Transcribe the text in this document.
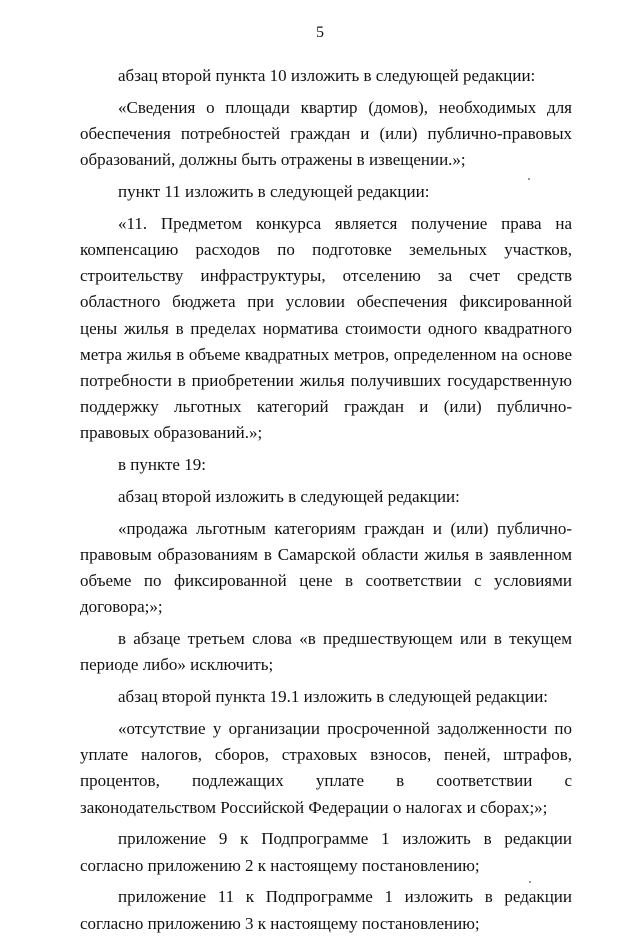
5

абзац второй пункта 10 изложить в следующей редакции:

«Сведения о площади квартир (домов), необходимых для обеспечения потребностей граждан и (или) публично-правовых образований, должны быть отражены в извещении.»;

пункт 11 изложить в следующей редакции:

«11. Предметом конкурса является получение права на компенсацию расходов по подготовке земельных участков, строительству инфраструктуры, отселению за счет средств областного бюджета при условии обеспечения фиксированной цены жилья в пределах норматива стоимости одного квадратного метра жилья в объеме квадратных метров, определенном на основе потребности в приобретении жилья получивших государственную поддержку льготных категорий граждан и (или) публично-правовых образований.»;

в пункте 19:

абзац второй изложить в следующей редакции:

«продажа льготным категориям граждан и (или) публично-правовым образованиям в Самарской области жилья в заявленном объеме по фиксированной цене в соответствии с условиями договора;»;

в абзаце третьем слова «в предшествующем или в текущем периоде либо» исключить;

абзац второй пункта 19.1 изложить в следующей редакции:

«отсутствие у организации просроченной задолженности по уплате налогов, сборов, страховых взносов, пеней, штрафов, процентов, подлежащих уплате в соответствии с законодательством Российской Федерации о налогах и сборах;»;

приложение 9 к Подпрограмме 1 изложить в редакции согласно приложению 2 к настоящему постановлению;

приложение 11 к Подпрограмме 1 изложить в редакции согласно приложению 3 к настоящему постановлению;
